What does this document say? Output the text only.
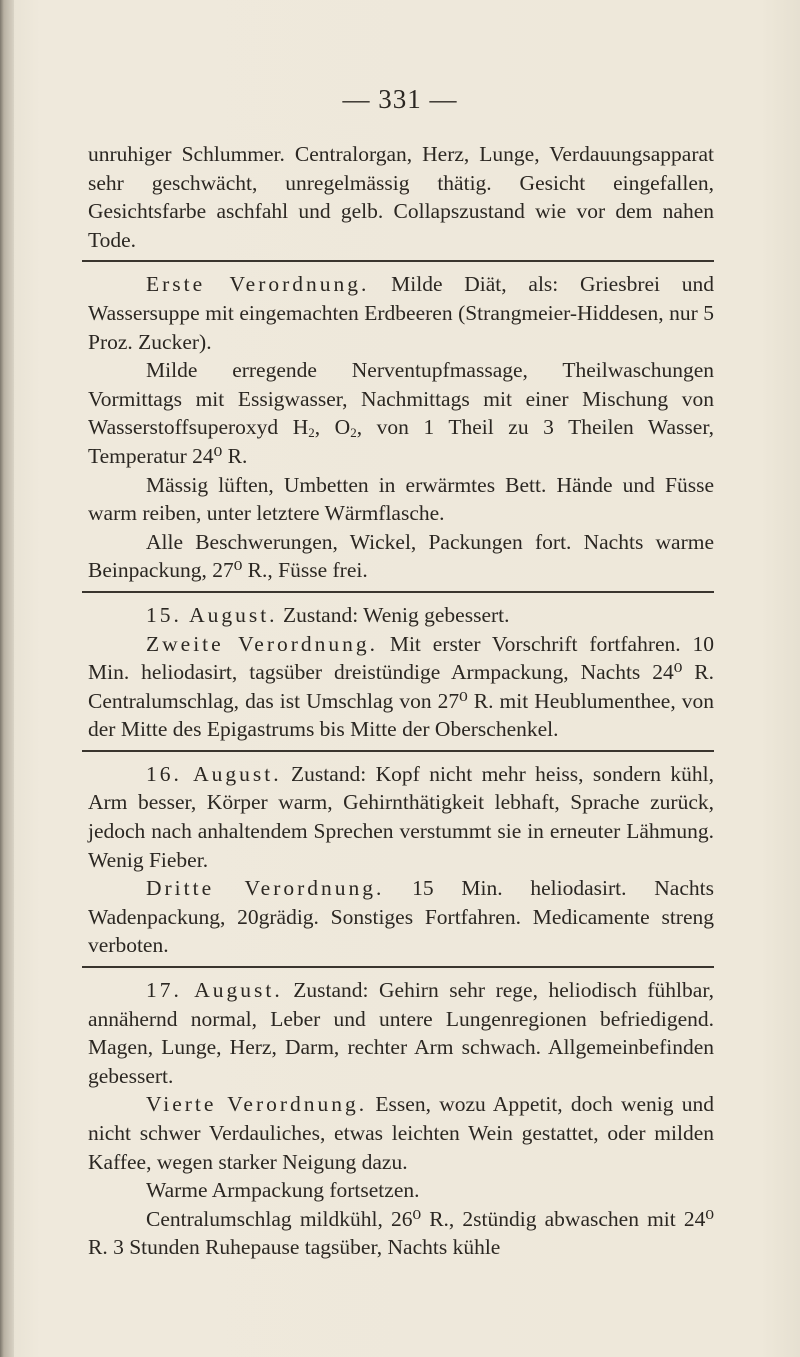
— 331 —

unruhiger Schlummer. Centralorgan, Herz, Lunge, Verdauungsapparat sehr geschwächt, unregelmässig thätig. Gesicht eingefallen, Gesichtsfarbe aschfahl und gelb. Collapszustand wie vor dem nahen Tode.

Erste Verordnung. Milde Diät, als: Griesbrei und Wassersuppe mit eingemachten Erdbeeren (Strangmeier-Hiddesen, nur 5 Proz. Zucker).

Milde erregende Nerventupfmassage, Theilwaschungen Vormittags mit Essigwasser, Nachmittags mit einer Mischung von Wasserstoffsuperoxyd $H_2$, $O_2$, von 1 Theil zu 3 Theilen Wasser, Temperatur 24⁰ R.

Mässig lüften, Umbetten in erwärmtes Bett. Hände und Füsse warm reiben, unter letztere Wärmflasche.

Alle Beschwerungen, Wickel, Packungen fort. Nachts warme Beinpackung, 27⁰ R., Füsse frei.

15. August. Zustand: Wenig gebessert.

Zweite Verordnung. Mit erster Vorschrift fortfahren. 10 Min. heliodasirt, tagsüber dreistündige Armpackung, Nachts 24⁰ R. Centralumschlag, das ist Umschlag von 27⁰ R. mit Heublumenthee, von der Mitte des Epigastrums bis Mitte der Oberschenkel.

16. August. Zustand: Kopf nicht mehr heiss, sondern kühl, Arm besser, Körper warm, Gehirnthätigkeit lebhaft, Sprache zurück, jedoch nach anhaltendem Sprechen verstummt sie in erneuter Lähmung. Wenig Fieber.

Dritte Verordnung. 15 Min. heliodasirt. Nachts Wadenpackung, 20grädig. Sonstiges Fortfahren. Medicamente streng verboten.

17. August. Zustand: Gehirn sehr rege, heliodisch fühlbar, annähernd normal, Leber und untere Lungenregionen befriedigend. Magen, Lunge, Herz, Darm, rechter Arm schwach. Allgemeinbefinden gebessert.

Vierte Verordnung. Essen, wozu Appetit, doch wenig und nicht schwer Verdauliches, etwas leichten Wein gestattet, oder milden Kaffee, wegen starker Neigung dazu.

Warme Armpackung fortsetzen.

Centralumschlag mildkühl, 26⁰ R., 2stündig abwaschen mit 24⁰ R. 3 Stunden Ruhepause tagsüber, Nachts kühle
